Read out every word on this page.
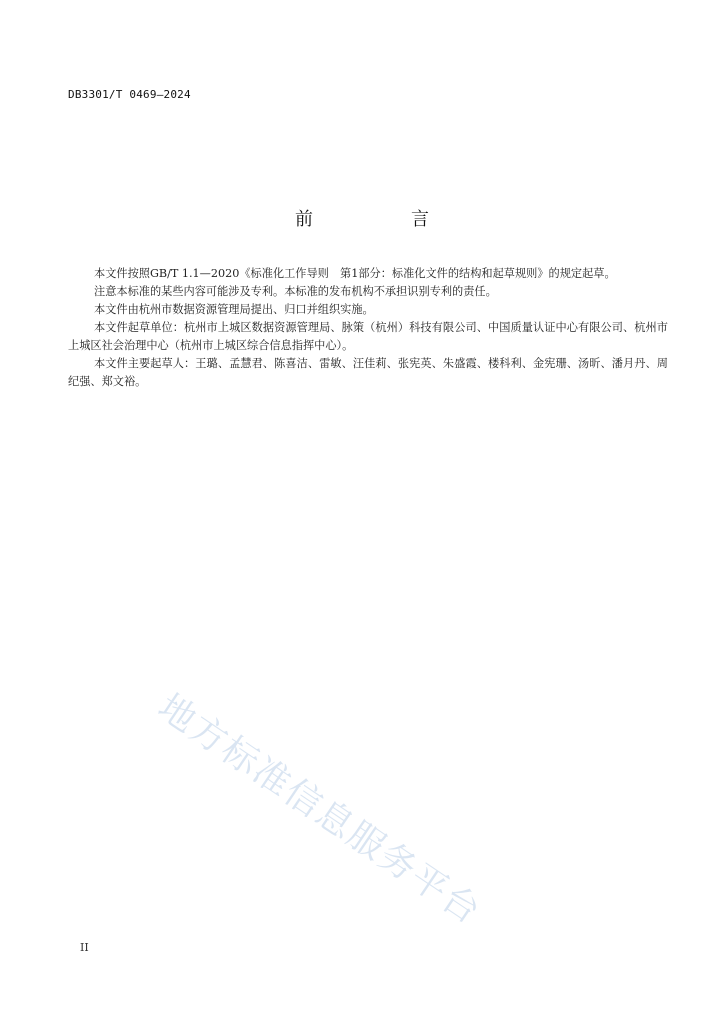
DB3301/T 0469—2024
前　言

本文件按照GB/T 1.1—2020《标准化工作导则　第1部分：标准化文件的结构和起草规则》的规定起草。

注意本标准的某些内容可能涉及专利。本标准的发布机构不承担识别专利的责任。

本文件由杭州市数据资源管理局提出、归口并组织实施。

本文件起草单位：杭州市上城区数据资源管理局、脉策（杭州）科技有限公司、中国质量认证中心有限公司、杭州市上城区社会治理中心（杭州市上城区综合信息指挥中心）。

本文件主要起草人：王璐、孟慧君、陈喜洁、雷敏、汪佳莉、张宪英、朱盛霞、楼科利、金宪珊、汤昕、潘月丹、周纪强、郑文裕。

地方标准信息服务平台
II
